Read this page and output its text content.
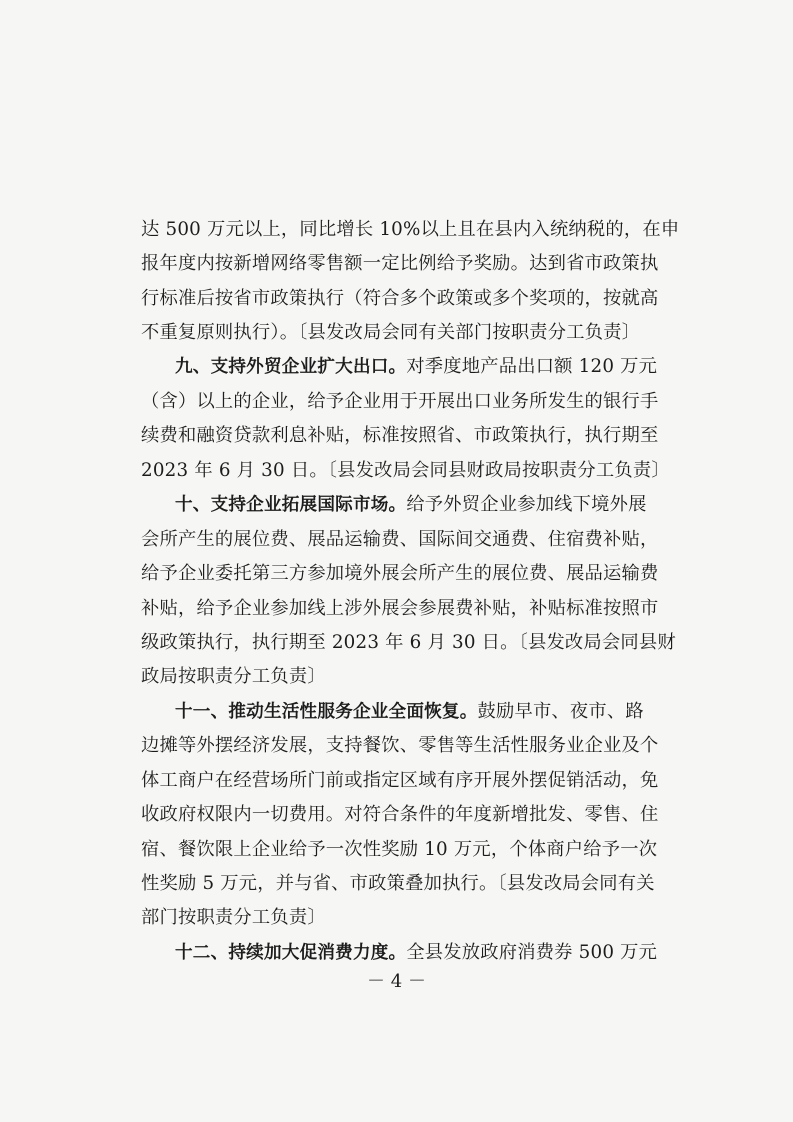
达 500 万元以上，同比增长 10%以上且在县内入统纳税的，在申
报年度内按新增网络零售额一定比例给予奖励。达到省市政策执
行标准后按省市政策执行（符合多个政策或多个奖项的，按就高
不重复原则执行）。〔县发改局会同有关部门按职责分工负责〕
九、支持外贸企业扩大出口。对季度地产品出口额 120 万元
（含）以上的企业，给予企业用于开展出口业务所发生的银行手
续费和融资贷款利息补贴，标准按照省、市政策执行，执行期至
2023 年 6 月 30 日。〔县发改局会同县财政局按职责分工负责〕
十、支持企业拓展国际市场。给予外贸企业参加线下境外展
会所产生的展位费、展品运输费、国际间交通费、住宿费补贴，
给予企业委托第三方参加境外展会所产生的展位费、展品运输费
补贴，给予企业参加线上涉外展会参展费补贴，补贴标准按照市
级政策执行，执行期至 2023 年 6 月 30 日。〔县发改局会同县财
政局按职责分工负责〕
十一、推动生活性服务企业全面恢复。鼓励早市、夜市、路
边摊等外摆经济发展，支持餐饮、零售等生活性服务业企业及个
体工商户在经营场所门前或指定区域有序开展外摆促销活动，免
收政府权限内一切费用。对符合条件的年度新增批发、零售、住
宿、餐饮限上企业给予一次性奖励 10 万元，个体商户给予一次
性奖励 5 万元，并与省、市政策叠加执行。〔县发改局会同有关
部门按职责分工负责〕
十二、持续加大促消费力度。全县发放政府消费券 500 万元
－ 4 －
